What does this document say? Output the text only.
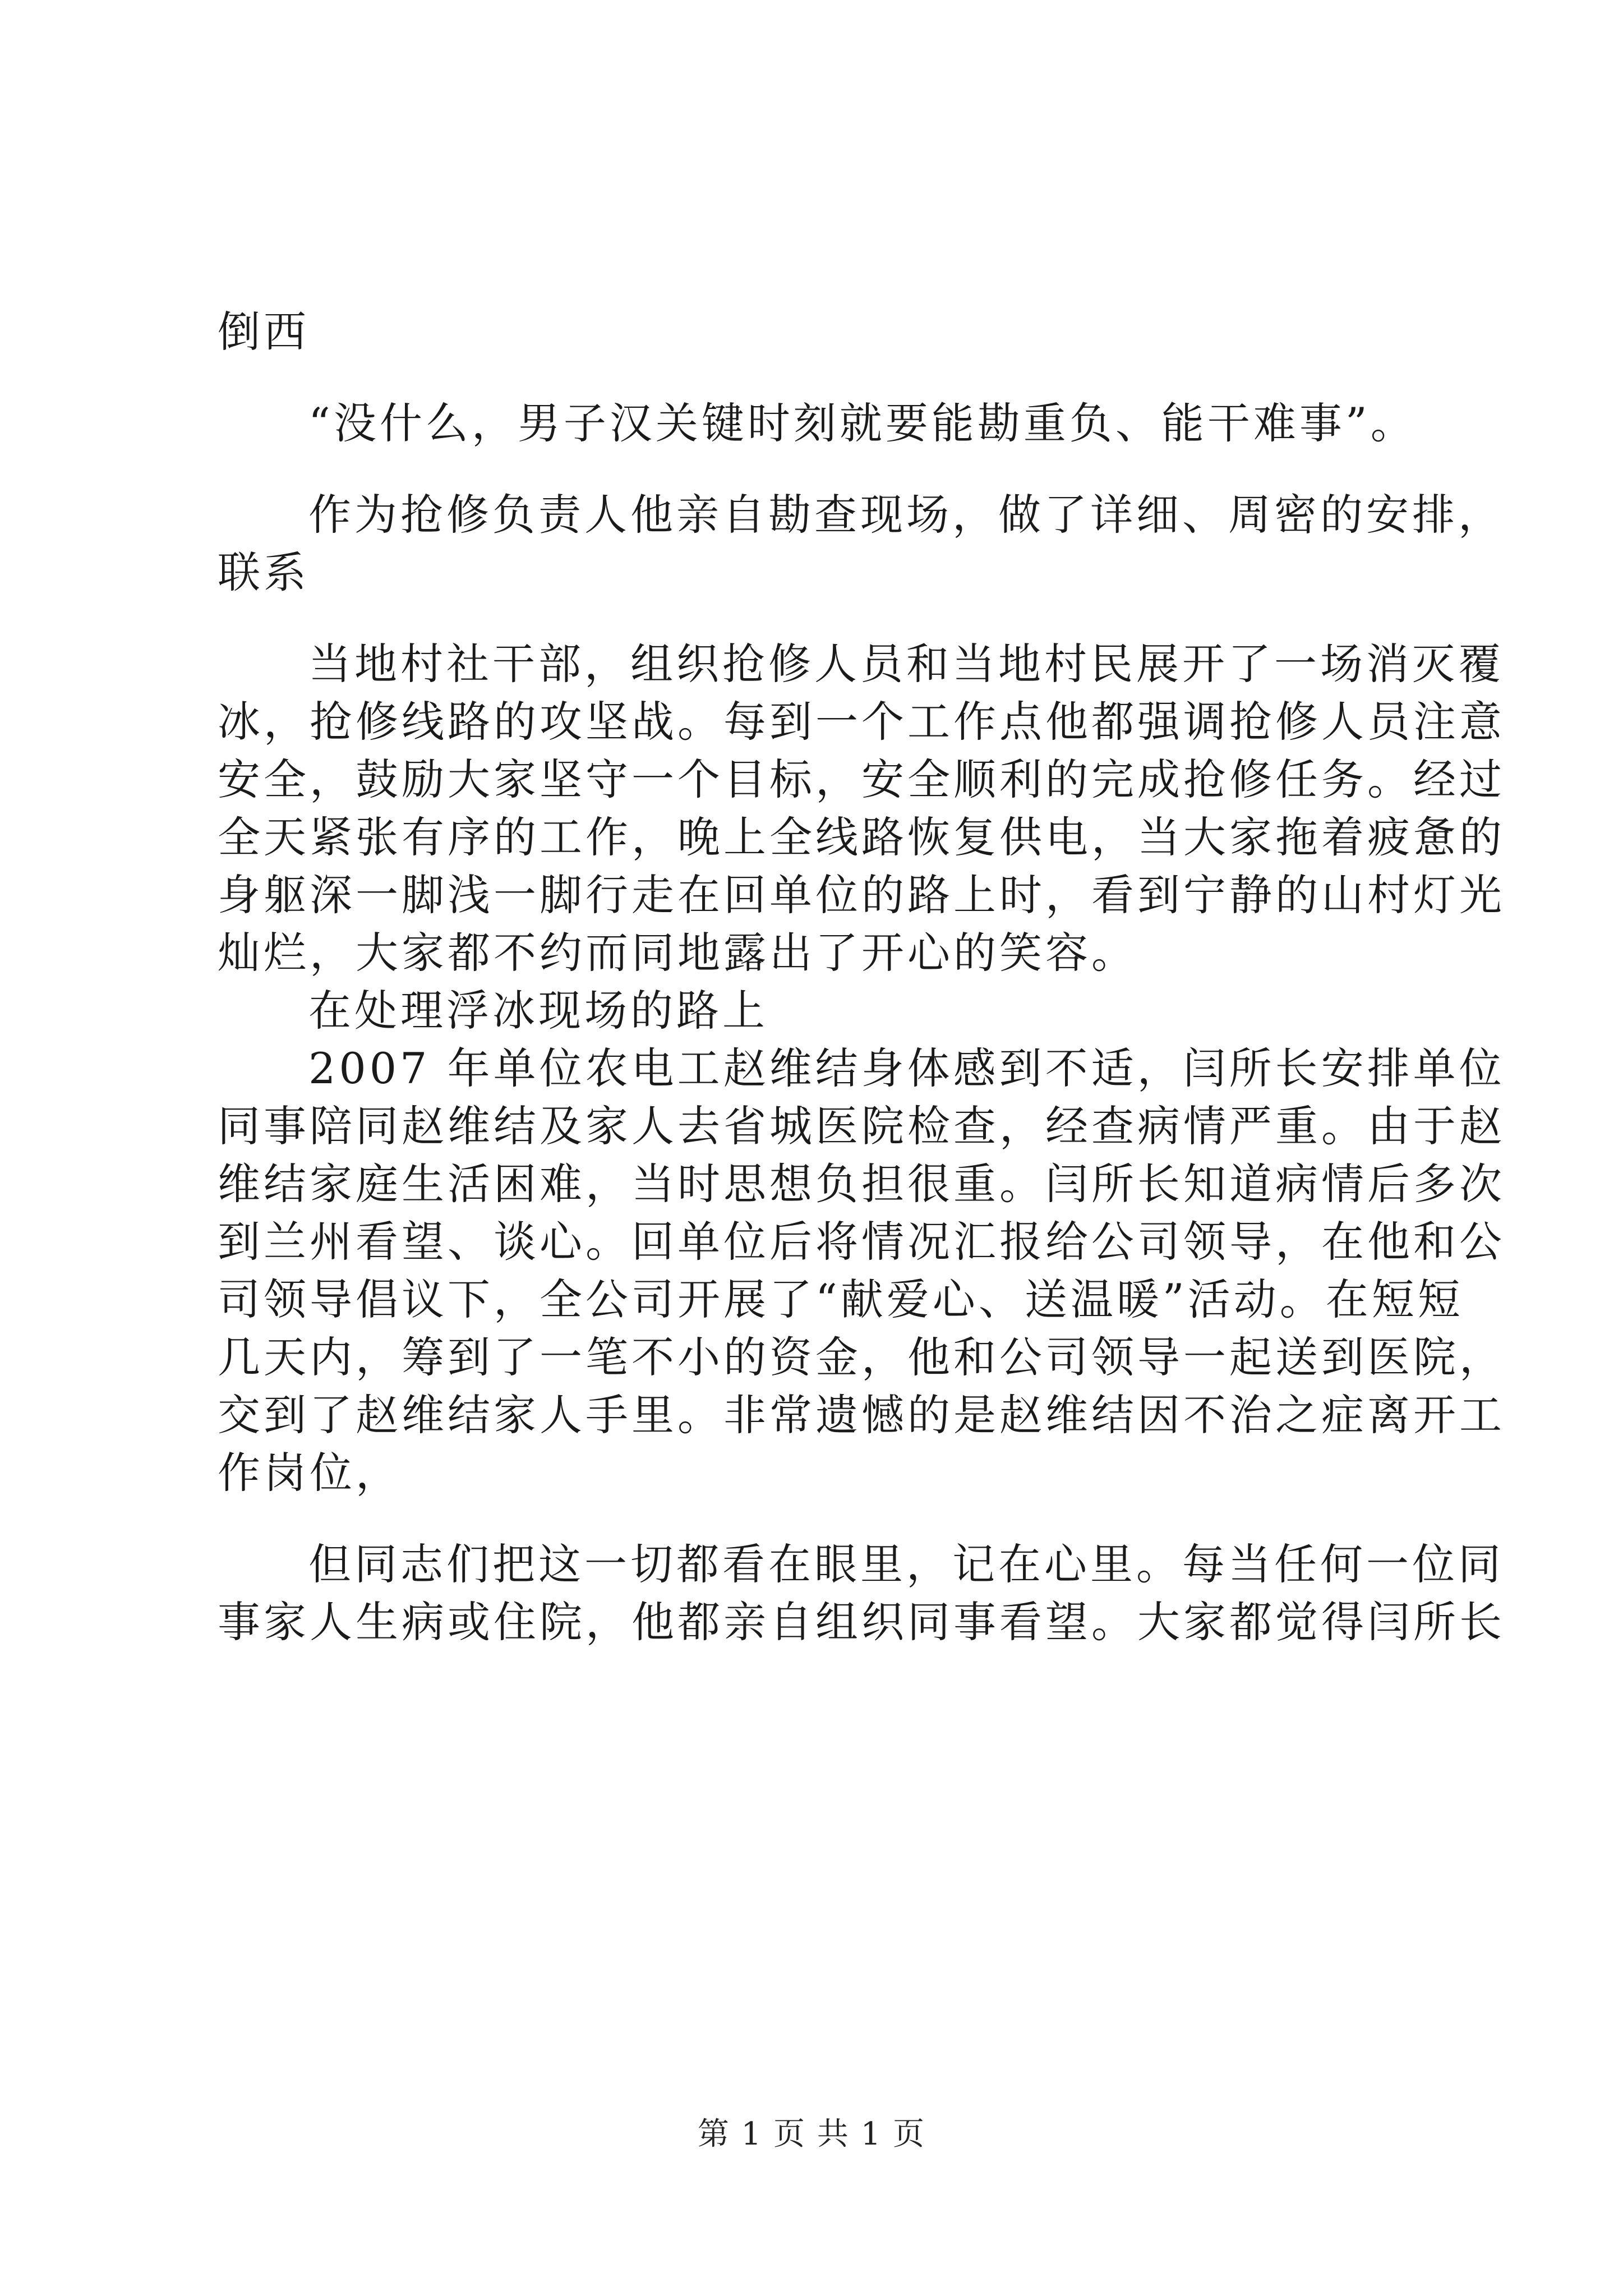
倒西
“没什么，男子汉关键时刻就要能勘重负、能干难事”。
作为抢修负责人他亲自勘查现场，做了详细、周密的安排，
联系
当地村社干部，组织抢修人员和当地村民展开了一场消灭覆
冰，抢修线路的攻坚战。每到一个工作点他都强调抢修人员注意
安全，鼓励大家坚守一个目标，安全顺利的完成抢修任务。经过
全天紧张有序的工作，晚上全线路恢复供电，当大家拖着疲惫的
身躯深一脚浅一脚行走在回单位的路上时，看到宁静的山村灯光
灿烂，大家都不约而同地露出了开心的笑容。
在处理浮冰现场的路上
2007 年单位农电工赵维结身体感到不适，闫所长安排单位
同事陪同赵维结及家人去省城医院检查，经查病情严重。由于赵
维结家庭生活困难，当时思想负担很重。闫所长知道病情后多次
到兰州看望、谈心。回单位后将情况汇报给公司领导，在他和公
司领导倡议下，全公司开展了“献爱心、送温暖”活动。在短短
几天内，筹到了一笔不小的资金，他和公司领导一起送到医院，
交到了赵维结家人手里。非常遗憾的是赵维结因不治之症离开工
作岗位，
但同志们把这一切都看在眼里，记在心里。每当任何一位同
事家人生病或住院，他都亲自组织同事看望。大家都觉得闫所长
第 1 页 共 1 页
